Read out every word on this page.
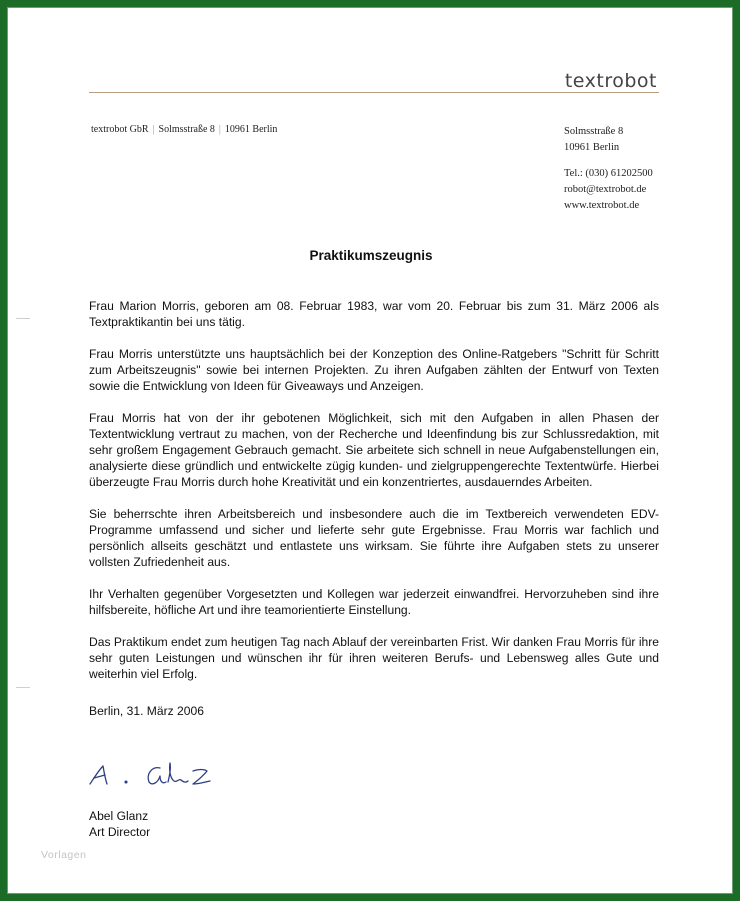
textrobot
textrobot GbR | Solmsstraße 8 | 10961 Berlin	Solmsstraße 8
10961 Berlin
Tel.: (030) 61202500
robot@textrobot.de
www.textrobot.de
Praktikumszeugnis

Frau Marion Morris, geboren am 08. Februar 1983, war vom 20. Februar bis zum 31. März 2006 als Textpraktikantin bei uns tätig.

Frau Morris unterstützte uns hauptsächlich bei der Konzeption des Online-Ratgebers "Schritt für Schritt zum Arbeitszeugnis" sowie bei internen Projekten. Zu ihren Aufgaben zählten der Entwurf von Texten sowie die Entwicklung von Ideen für Giveaways und Anzeigen.

Frau Morris hat von der ihr gebotenen Möglichkeit, sich mit den Aufgaben in allen Phasen der Textentwicklung vertraut zu machen, von der Recherche und Ideenfindung bis zur Schlussredaktion, mit sehr großem Engagement Gebrauch gemacht. Sie arbeitete sich schnell in neue Aufgabenstellungen ein, analysierte diese gründlich und entwickelte zügig kunden- und zielgruppengerechte Textentwürfe. Hierbei überzeugte Frau Morris durch hohe Kreativität und ein konzentriertes, ausdauerndes Arbeiten.

Sie beherrschte ihren Arbeitsbereich und insbesondere auch die im Textbereich verwendeten EDV-Programme umfassend und sicher und lieferte sehr gute Ergebnisse. Frau Morris war fachlich und persönlich allseits geschätzt und entlastete uns wirksam. Sie führte ihre Aufgaben stets zu unserer vollsten Zufriedenheit aus.

Ihr Verhalten gegenüber Vorgesetzten und Kollegen war jederzeit einwandfrei. Hervorzuheben sind ihre hilfsbereite, höfliche Art und ihre teamorientierte Einstellung.

Das Praktikum endet zum heutigen Tag nach Ablauf der vereinbarten Frist. Wir danken Frau Morris für ihre sehr guten Leistungen und wünschen ihr für ihren weiteren Berufs- und Lebensweg alles Gute und weiterhin viel Erfolg.

Berlin, 31. März 2006
Abel Glanz
Art Director
Vorlagen
